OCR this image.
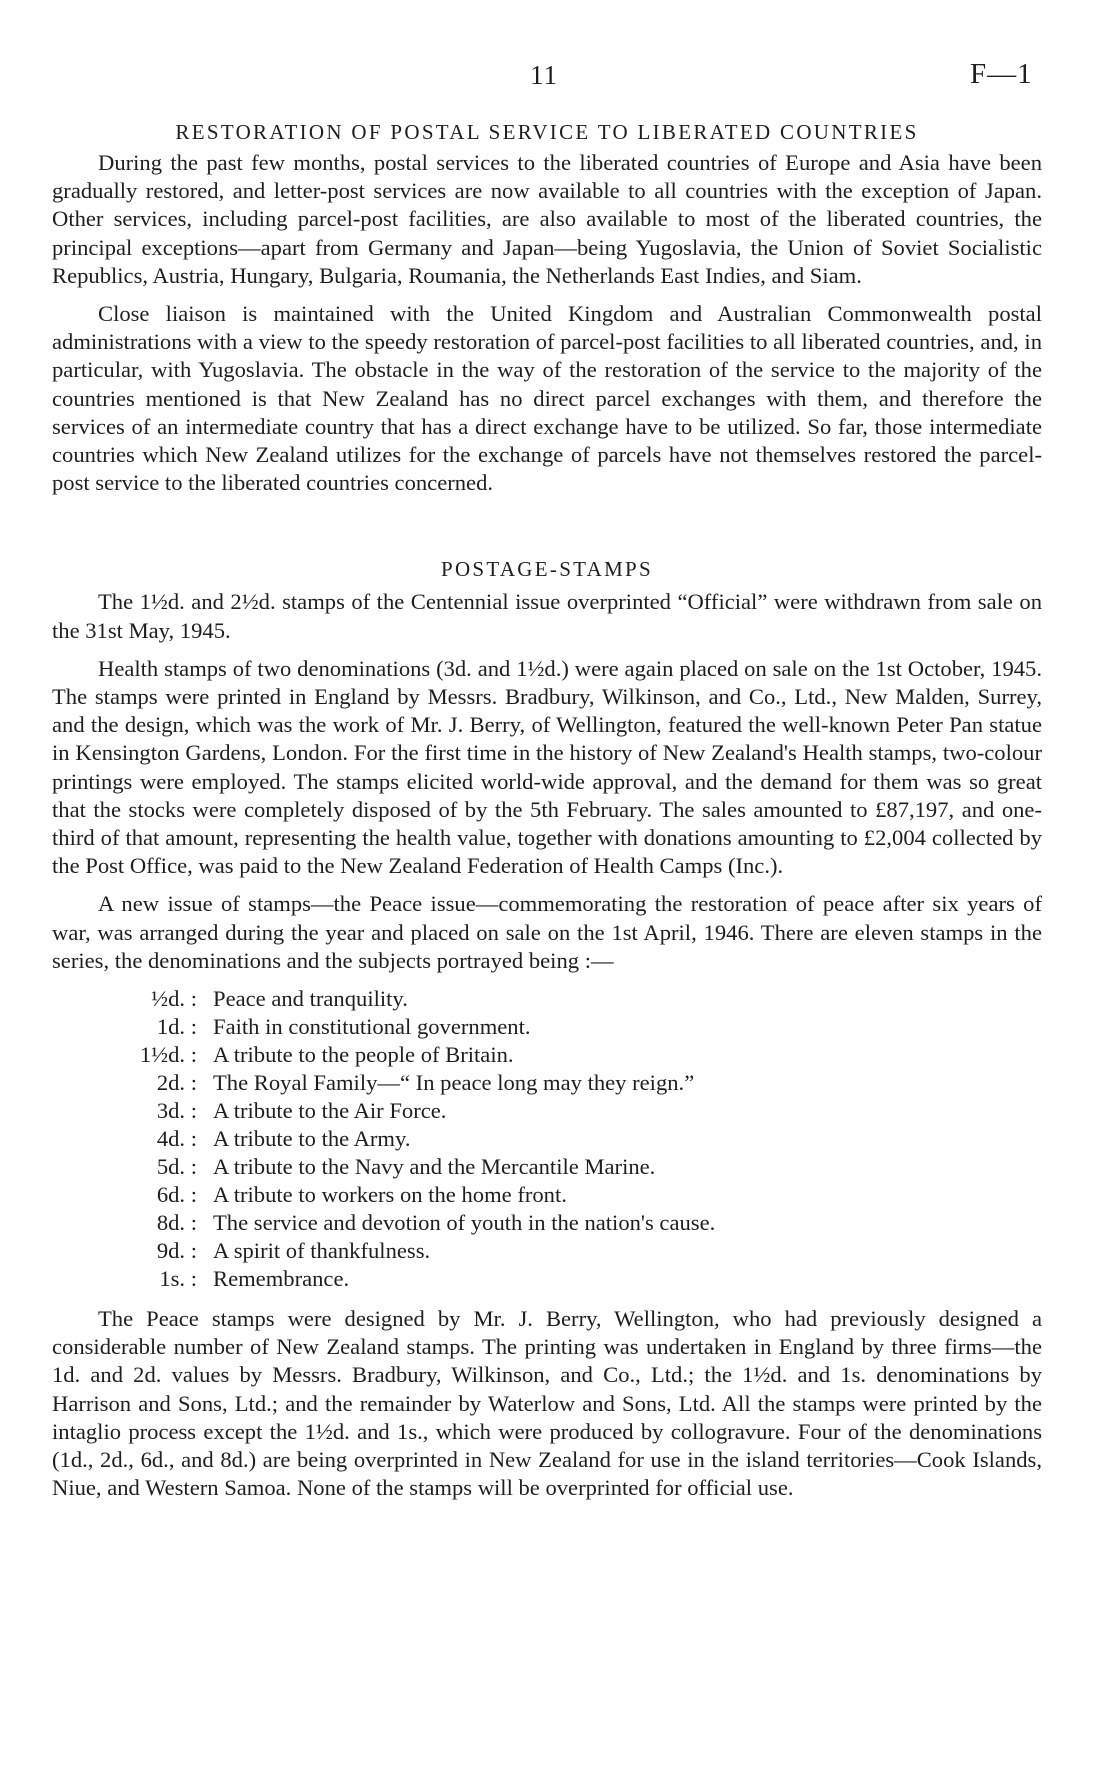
11	F—1
RESTORATION OF POSTAL SERVICE TO LIBERATED COUNTRIES

During the past few months, postal services to the liberated countries of Europe and Asia have been gradually restored, and letter-post services are now available to all countries with the exception of Japan. Other services, including parcel-post facilities, are also available to most of the liberated countries, the principal exceptions—apart from Germany and Japan—being Yugoslavia, the Union of Soviet Socialistic Republics, Austria, Hungary, Bulgaria, Roumania, the Netherlands East Indies, and Siam.

Close liaison is maintained with the United Kingdom and Australian Commonwealth postal administrations with a view to the speedy restoration of parcel-post facilities to all liberated countries, and, in particular, with Yugoslavia. The obstacle in the way of the restoration of the service to the majority of the countries mentioned is that New Zealand has no direct parcel exchanges with them, and therefore the services of an intermediate country that has a direct exchange have to be utilized. So far, those intermediate countries which New Zealand utilizes for the exchange of parcels have not themselves restored the parcel-post service to the liberated countries concerned.

POSTAGE-STAMPS

The 1½d. and 2½d. stamps of the Centennial issue overprinted “Official” were withdrawn from sale on the 31st May, 1945.

Health stamps of two denominations (3d. and 1½d.) were again placed on sale on the 1st October, 1945. The stamps were printed in England by Messrs. Bradbury, Wilkinson, and Co., Ltd., New Malden, Surrey, and the design, which was the work of Mr. J. Berry, of Wellington, featured the well-known Peter Pan statue in Kensington Gardens, London. For the first time in the history of New Zealand's Health stamps, two-colour printings were employed. The stamps elicited world-wide approval, and the demand for them was so great that the stocks were completely disposed of by the 5th February. The sales amounted to £87,197, and one-third of that amount, representing the health value, together with donations amounting to £2,004 collected by the Post Office, was paid to the New Zealand Federation of Health Camps (Inc.).

A new issue of stamps—the Peace issue—commemorating the restoration of peace after six years of war, was arranged during the year and placed on sale on the 1st April, 1946. There are eleven stamps in the series, the denominations and the subjects portrayed being :—

½d. : Peace and tranquility.
1d. : Faith in constitutional government.
1½d. : A tribute to the people of Britain.
2d. : The Royal Family—“ In peace long may they reign.”
3d. : A tribute to the Air Force.
4d. : A tribute to the Army.
5d. : A tribute to the Navy and the Mercantile Marine.
6d. : A tribute to workers on the home front.
8d. : The service and devotion of youth in the nation's cause.
9d. : A spirit of thankfulness.
1s. : Remembrance.

The Peace stamps were designed by Mr. J. Berry, Wellington, who had previously designed a considerable number of New Zealand stamps. The printing was undertaken in England by three firms—the 1d. and 2d. values by Messrs. Bradbury, Wilkinson, and Co., Ltd.; the 1½d. and 1s. denominations by Harrison and Sons, Ltd.; and the remainder by Waterlow and Sons, Ltd. All the stamps were printed by the intaglio process except the 1½d. and 1s., which were produced by collogravure. Four of the denominations (1d., 2d., 6d., and 8d.) are being overprinted in New Zealand for use in the island territories—Cook Islands, Niue, and Western Samoa. None of the stamps will be overprinted for official use.
